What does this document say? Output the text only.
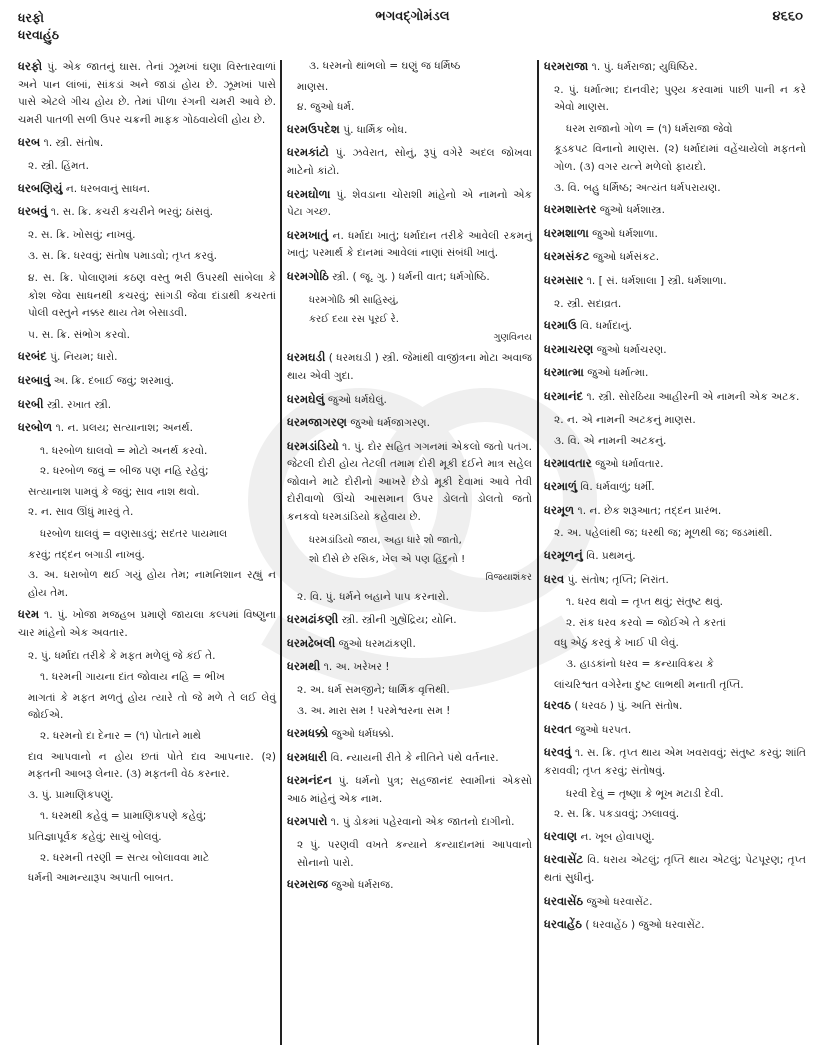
ધરફો
ધરવાહુંઠ
ભગવદ્ગોમંડલ	૪૬૬૦
ધરફો પું. એક જાતનું ઘાસ. તેનાં ઝૂમખાં ઘણા વિસ્તારવાળાં અને પાન લાંબાં, સાંકડાં અને જાડાં હોય છે. ઝૂમખાં પાસે પાસે એટલે ગીચ હોય છે. તેમાં પીળા રંગની ચમરી આવે છે. ચમરી પાતળી સળી ઉપર ચક્રની માફક ગોઠવાયેલી હોય છે.
ધરબ ૧. સ્ત્રી. સંતોષ.
૨. સ્ત્રી. હિંમત.
ધરબણિયું ન. ધરબવાનું સાધન.
ધરબવું ૧. સ. ક્રિ. કચરી કચરીને ભરવું; ઠાંસવું.
૨. સ. ક્રિ. ખોસવું; નાખવું.
૩. સ. ક્રિ. ધરવવું; સંતોષ પમાડવો; તૃપ્ત કરવું.
૪. સ. ક્રિ. પોલાણમાં કઠણ વસ્તુ ભરી ઉપરથી સાંબેલા કે કોશ જેવા સાધનથી કચરવું; સાંગડી જેવા દાંડાથી કચરતાં પોલી વસ્તુને નક્કર થાય તેમ બેસાડવી.
૫. સ. ક્રિ. સંભોગ કરવો.
ધરબંદ પું. નિયમ; ધારો.
ધરબાવું અ. ક્રિ. દબાઈ જવું; શરમાવું.
ધરબી સ્ત્રી. રખાત સ્ત્રી.
ધરબોળ ૧. ન. પ્રલય; સત્યાનાશ; અનર્થ.
૧. ધરબોળ ઘાલવો = મોટો અનર્થ કરવો.
૨. ધરબોળ જવું = બીજ પણ નહિ રહેવું;
સત્યાનાશ પામવું કે જવું; સાવ નાશ થવો.
૨. ન. સાવ ઊંધું મારવું તે.
ધરબોળ ઘાલવું = વણસાડવું; સદંતર પાયમાલ
કરવું; તદ્દન બગાડી નાખવું.
૩. અ. ધરાબોળ થઈ ગયું હોય તેમ; નામનિશાન રહ્યું ન હોય તેમ.
ધરમ ૧. પું. ખોજા મજહબ પ્રમાણે જાયલા કલ્પમાં વિષ્ણુના ચાર માંહેનો એક અવતાર.
૨. પું. ધર્માદા તરીકે કે મફત મળેલું જે કંઈ તે.
૧. ધરમની ગાયના દાંત જોવાય નહિ = ભીખ
માગતાં કે મફત મળતું હોય ત્યારે તો જે મળે તે લઈ લેવું જોઈએ.
૨. ધરમનો દા દેનાર = (૧) પોતાને માથે
દાવ આપવાનો ન હોય છતાં પોતે દાવ આપનાર. (૨) મફતની આબરૂ લેનાર. (૩) મફતની વેઠ કરનાર.
૩. પું. પ્રામાણિકપણું.
૧. ધરમથી કહેવું = પ્રામાણિકપણે કહેવું;
પ્રતિજ્ઞાપૂર્વક કહેવું; સાચું બોલવું.
૨. ધરમની તરણી = સત્ય બોલાવવા માટે
ધર્મની આમન્યારૂપ અપાતી બાબત.
૩. ધરમનો થાંભલો = ઘણું જ ધર્મિષ્ઠ
માણસ.
૪. જુઓ ધર્મ.
ધરમઉપદેશ પું. ધાર્મિક બોધ.
ધરમકાંટો પું. ઝવેરાત, સોનું, રૂપું વગેરે અદલ જોખવા માટેનો કાંટો.
ધરમઘોળા પું. શેવડાના ચોરાશી માંહેનો એ નામનો એક પેટા ગચ્છ.
ધરમખાતું ન. ધર્માદા ખાતું; ધર્માદાન તરીકે આવેલી રકમનું ખાતું; પરમાર્થ કે દાનમાં આવેલાં નાણાં સંબંધી ખાતું.
ધરમગોઠિ સ્ત્રી. ( જૂ. ગુ. ) ધર્મની વાત; ધર્મગોષ્ઠિ.
ધરમગોઠિ શ્રી સાહિસ્યું,
કરઈ દયા રસ પૂરઈ રે.
ગુણવિનય
ધરમઘડી ( ધરમઘડી ) સ્ત્રી. જેમાંથી વાજીંત્રના મોટા અવાજ થાય એવી ગુદા.
ધરમઘેલું જુઓ ધર્મઘેલું.
ધરમજાગરણ જુઓ ધર્મજાગરણ.
ધરમડાંડિયો ૧. પું. દોર સહિત ગગનમાં એકલો જતો પતંગ. જેટલી દોરી હોય તેટલી તમામ દોરી મૂકી દઈને માત્ર સહેલ જોવાને માટે દોરીનો આખરે છેડો મૂકી દેવામાં આવે તેવી દોરીવાળો ઊંચો આસમાન ઉપર ડોલતો ડોલતો જતો કનકવો ધરમડાંડિયો કહેવાય છે.
ધરમડાંડિયો જાય, અહા ધારે શો જાતો,
શો દીસે છે રસિક, ખેલ એ પણ હિંદુનો !
વિજયાશંકર
૨. વિ. પું. ધર્મને બહાને પાપ કરનારો.
ધરમઢાંકણી સ્ત્રી. સ્ત્રીની ગુહ્યેંદ્રિય; યોનિ.
ધરમઢેબલી જુઓ ધરમઢાંકણી.
ધરમથી ૧. અ. ખરેખર !
૨. અ. ધર્મ સમજીને; ધાર્મિક વૃત્તિથી.
૩. અ. મારા સમ ! પરમેશ્વરના સમ !
ધરમધક્કો જુઓ ધર્મધક્કો.
ધરમધારી વિ. ન્યાયની રીતે કે નીતિને પંથે વર્તનાર.
ધરમનંદન પું. ધર્મનો પુત્ર; સહજાનંદ સ્વામીનાં એકસો આઠ માંહેનું એક નામ.
ધરમપારો ૧. પું ડોકમાં પહેરવાનો એક જાતનો દાગીનો.
૨ પું. પરણવી વખતે કન્યાને કન્યાદાનમાં આપવાનો સોનાનો પારો.
ધરમરાજ જુઓ ધર્મરાજ.
ધરમરાજા ૧. પું. ધર્મરાજા; યુધિષ્ઠિર.
૨. પું. ધર્માત્મા; દાનવીર; પુણ્ય કરવામાં પાછી પાની ન કરે એવો માણસ.
ધરમ રાજાનો ગોળ = (૧) ધર્મરાજા જેવો
કૂડકપટ વિનાનો માણસ. (૨) ધર્માદામાં વહેંચાયેલો મફતનો ગોળ. (૩) વગર યત્ને મળેલો ફાયદો.
૩. વિ. બહુ ધર્મિષ્ઠ; અત્યંત ધર્મપરાયણ.
ધરમશાસ્તર જુઓ ધર્મશાસ્ત્ર.
ધરમશાળા જુઓ ધર્મશાળા.
ધરમસંકટ જુઓ ધર્મસંકટ.
ધરમસાર ૧. [ સં. ધર્મશાલા ] સ્ત્રી. ધર્મશાળા.
૨. સ્ત્રી. સદાવ્રત.
ધરમાઉ વિ. ધર્માદાનું.
ધરમાચરણ જુઓ ધર્માચરણ.
ધરમાત્મા જુઓ ધર્માત્મા.
ધરમાનંદ ૧. સ્ત્રી. સોરઠિયા આહીરની એ નામની એક અટક.
૨. ન. એ નામની અટકનું માણસ.
૩. વિ. એ નામની અટકનું.
ધરમાવતાર જુઓ ધર્માવતાર.
ધરમાળું વિ. ધર્મવાળું; ધર્મી.
ધરમૂળ ૧. ન. છેક શરૂઆત; તદ્દન પ્રારંભ.
૨. અ. પહેલાંથી જ; ધરથી જ; મૂળથી જ; જડમાંથી.
ધરમૂળનું વિ. પ્રથમનું.
ધરવ પું. સંતોષ; તૃપ્તિ; નિરાંત.
૧. ધરવ થવો = તૃપ્ત થવું; સંતુષ્ટ થવું.
૨. રાંક ધરવ કરવો = જોઈએ તે કરતાં
વધુ એઠું કરવું કે ખાઈ પી લેવું.
૩. હાડકાંનો ધરવ = કન્યાવિક્રય કે
લાંચરિશ્વત વગેરેના દુષ્ટ લાભથી મનાતી તૃપ્તિ.
ધરવઠ ( ધરવઠ ) પું. અતિ સંતોષ.
ધરવત જુઓ ધરપત.
ધરવવું ૧. સ. ક્રિ. તૃપ્ત થાય એમ ખવરાવવું; સંતુષ્ટ કરવું; શાંતિ કરાવવી; તૃપ્ત કરવું; સંતોષવું.
ધરવી દેવું = તૃષ્ણા કે ભૂખ મટાડી દેવી.
૨. સ. ક્રિ. પકડાવવું; ઝલાવવું.
ધરવાણ ન. ખૂબ હોવાપણું.
ધરવાસેંટ વિ. ધરાય એટલું; તૃપ્તિ થાય એટલું; પેટપૂરણ; તૃપ્ત થતાં સુધીનું.
ધરવાસેંઠ જુઓ ધરવાસેંટ.
ધરવાહેંઠ ( ધરવાહેંઠ ) જુઓ ધરવાસેંટ.
